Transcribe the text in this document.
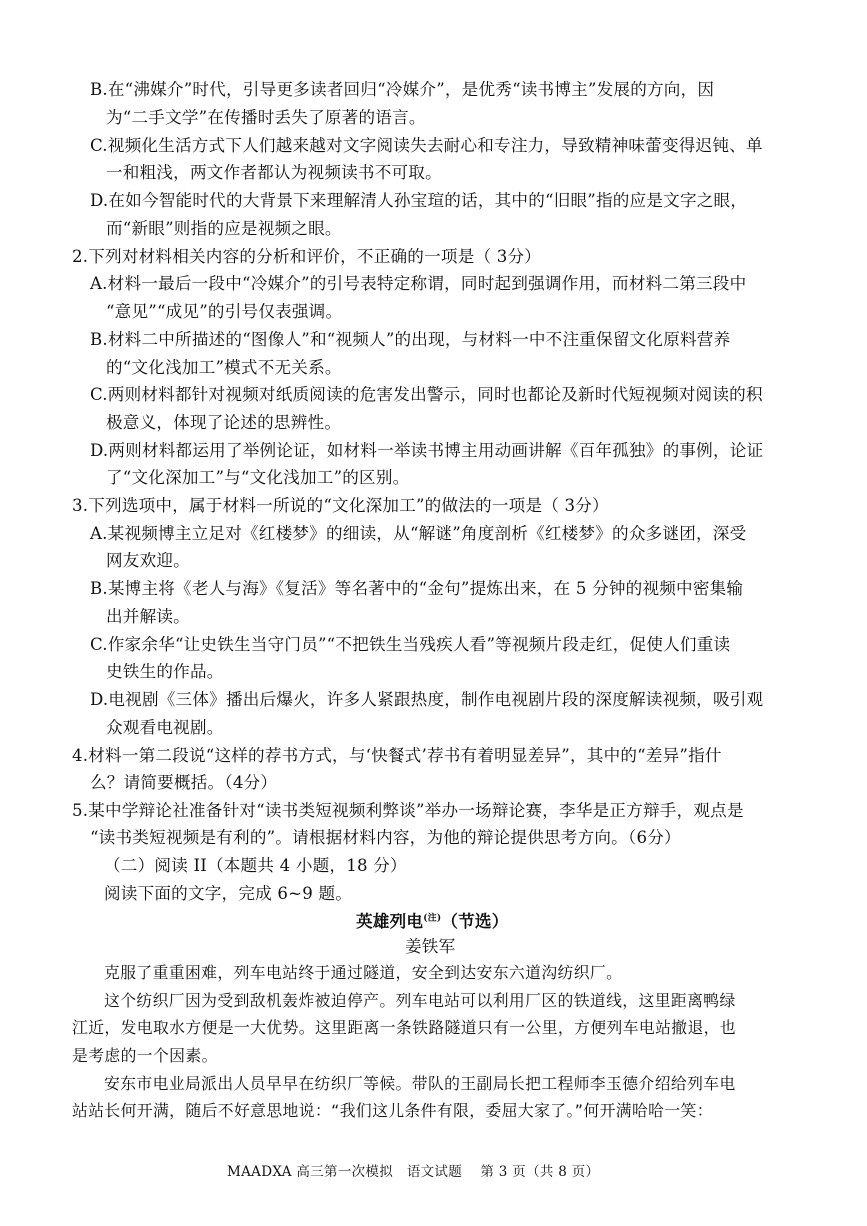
B.在“沸媒介”时代，引导更多读者回归“冷媒介”，是优秀“读书博主”发展的方向，因
为“二手文学”在传播时丢失了原著的语言。
C.视频化生活方式下人们越来越对文字阅读失去耐心和专注力，导致精神味蕾变得迟钝、单
一和粗浅，两文作者都认为视频读书不可取。
D.在如今智能时代的大背景下来理解清人孙宝瑄的话，其中的“旧眼”指的应是文字之眼，
而“新眼”则指的应是视频之眼。
2.下列对材料相关内容的分析和评价，不正确的一项是（ 3分）
A.材料一最后一段中“冷媒介”的引号表特定称谓，同时起到强调作用，而材料二第三段中
“意见”“成见”的引号仅表强调。
B.材料二中所描述的“图像人”和“视频人”的出现，与材料一中不注重保留文化原料营养
的“文化浅加工”模式不无关系。
C.两则材料都针对视频对纸质阅读的危害发出警示，同时也都论及新时代短视频对阅读的积
极意义，体现了论述的思辨性。
D.两则材料都运用了举例论证，如材料一举读书博主用动画讲解《百年孤独》的事例，论证
了“文化深加工”与“文化浅加工”的区别。
3.下列选项中，属于材料一所说的“文化深加工”的做法的一项是（ 3分）
A.某视频博主立足对《红楼梦》的细读，从“解谜”角度剖析《红楼梦》的众多谜团，深受
网友欢迎。
B.某博主将《老人与海》《复活》等名著中的“金句”提炼出来，在 5 分钟的视频中密集输
出并解读。
C.作家余华“让史铁生当守门员”“不把铁生当残疾人看”等视频片段走红，促使人们重读
史铁生的作品。
D.电视剧《三体》播出后爆火，许多人紧跟热度，制作电视剧片段的深度解读视频，吸引观
众观看电视剧。
4.材料一第二段说“这样的荐书方式，与‘快餐式’荐书有着明显差异”，其中的“差异”指什
么？请简要概括。（4分）
5.某中学辩论社准备针对“读书类短视频利弊谈”举办一场辩论赛，李华是正方辩手，观点是
“读书类短视频是有利的”。请根据材料内容，为他的辩论提供思考方向。（6分）
（二）阅读 II（本题共 4 小题，18 分）
阅读下面的文字，完成 6~9 题。
英雄列电$^{(注)}$（节选）
姜铁军
克服了重重困难，列车电站终于通过隧道，安全到达安东六道沟纺织厂。
这个纺织厂因为受到敌机轰炸被迫停产。列车电站可以利用厂区的铁道线，这里距离鸭绿
江近，发电取水方便是一大优势。这里距离一条铁路隧道只有一公里，方便列车电站撤退，也
是考虑的一个因素。
安东市电业局派出人员早早在纺织厂等候。带队的王副局长把工程师李玉德介绍给列车电
站站长何开满，随后不好意思地说：“我们这儿条件有限，委屈大家了。”何开满哈哈一笑：
MAADXA 高三第一次模拟　语文试题　 第 3 页（共 8 页）
